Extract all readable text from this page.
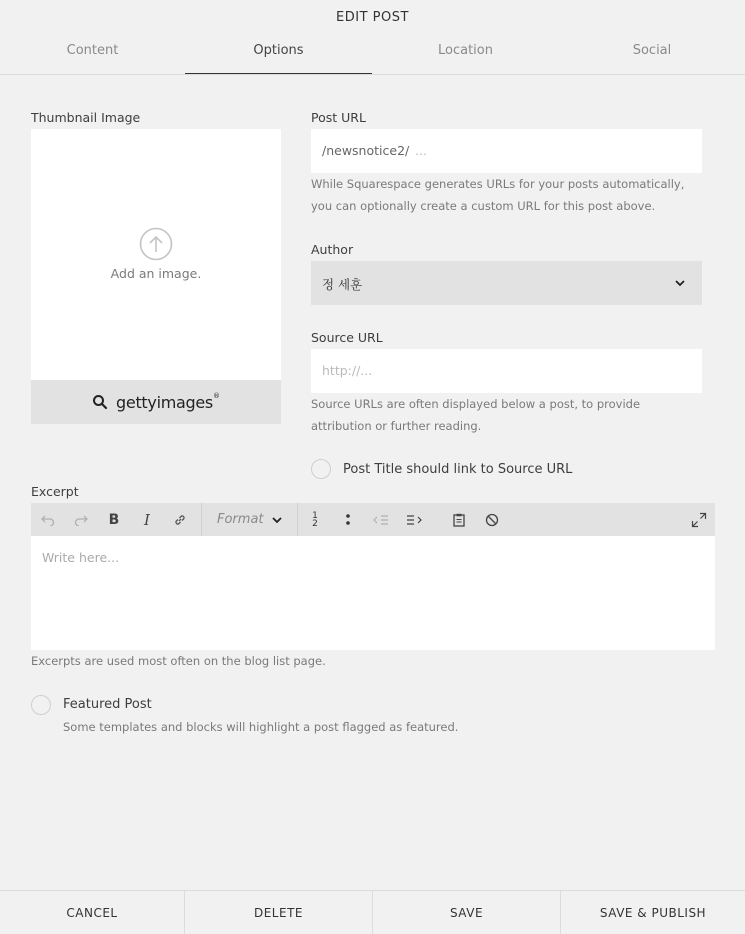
EDIT POST
Content	Options	Location	Social
Thumbnail Image
Add an image.
gettyimages ®
Post URL
/newsnotice2/ ...
While Squarespace generates URLs for your posts automatically,
you can optionally create a custom URL for this post above.
Author
정 세훈
Source URL
http://...
Source URLs are often displayed below a post, to provide
attribution or further reading.
Post Title should link to Source URL
Excerpt
B I	Format	1
2
Write here...
Excerpts are used most often on the blog list page.
Featured Post
Some templates and blocks will highlight a post flagged as featured.
CANCEL	DELETE	SAVE	SAVE & PUBLISH
